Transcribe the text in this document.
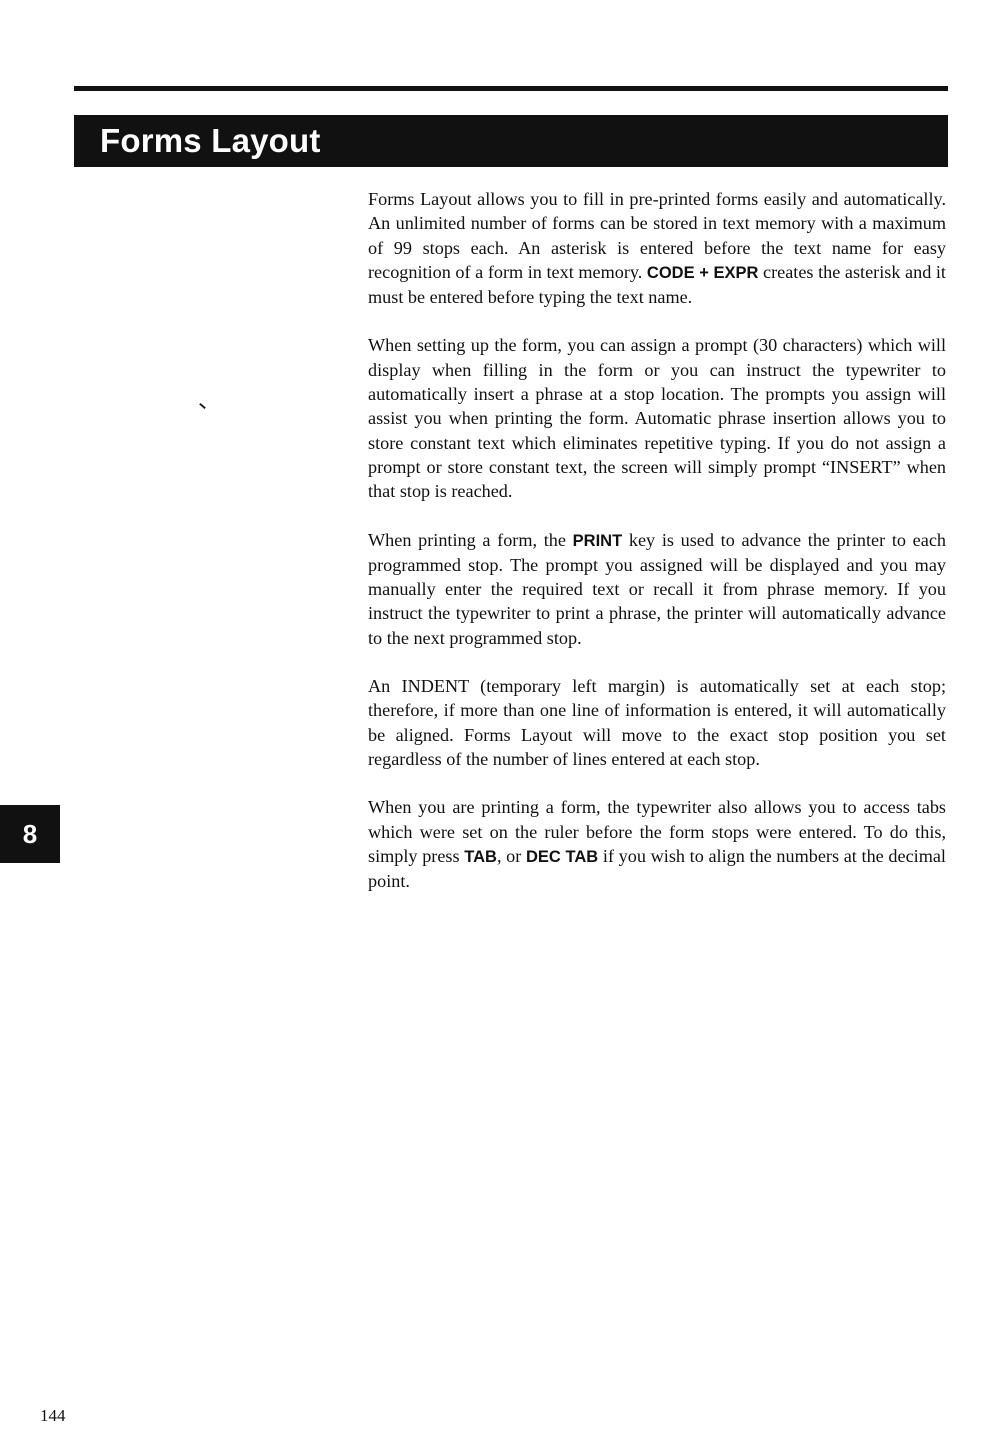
Forms Layout

Forms Layout allows you to fill in pre-printed forms easily and automatically. An unlimited number of forms can be stored in text memory with a maximum of 99 stops each. An asterisk is entered before the text name for easy recognition of a form in text memory. CODE + EXPR creates the asterisk and it must be entered before typing the text name.

When setting up the form, you can assign a prompt (30 characters) which will display when filling in the form or you can instruct the typewriter to automatically insert a phrase at a stop location. The prompts you assign will assist you when printing the form. Automatic phrase insertion allows you to store constant text which eliminates repetitive typing. If you do not assign a prompt or store constant text, the screen will simply prompt “INSERT” when that stop is reached.

When printing a form, the PRINT key is used to advance the printer to each programmed stop. The prompt you assigned will be displayed and you may manually enter the required text or recall it from phrase memory. If you instruct the typewriter to print a phrase, the printer will automatically advance to the next programmed stop.

An INDENT (temporary left margin) is automatically set at each stop; therefore, if more than one line of information is entered, it will automatically be aligned. Forms Layout will move to the exact stop position you set regardless of the number of lines entered at each stop.

When you are printing a form, the typewriter also allows you to access tabs which were set on the ruler before the form stops were entered. To do this, simply press TAB, or DEC TAB if you wish to align the numbers at the decimal point.

8
144
